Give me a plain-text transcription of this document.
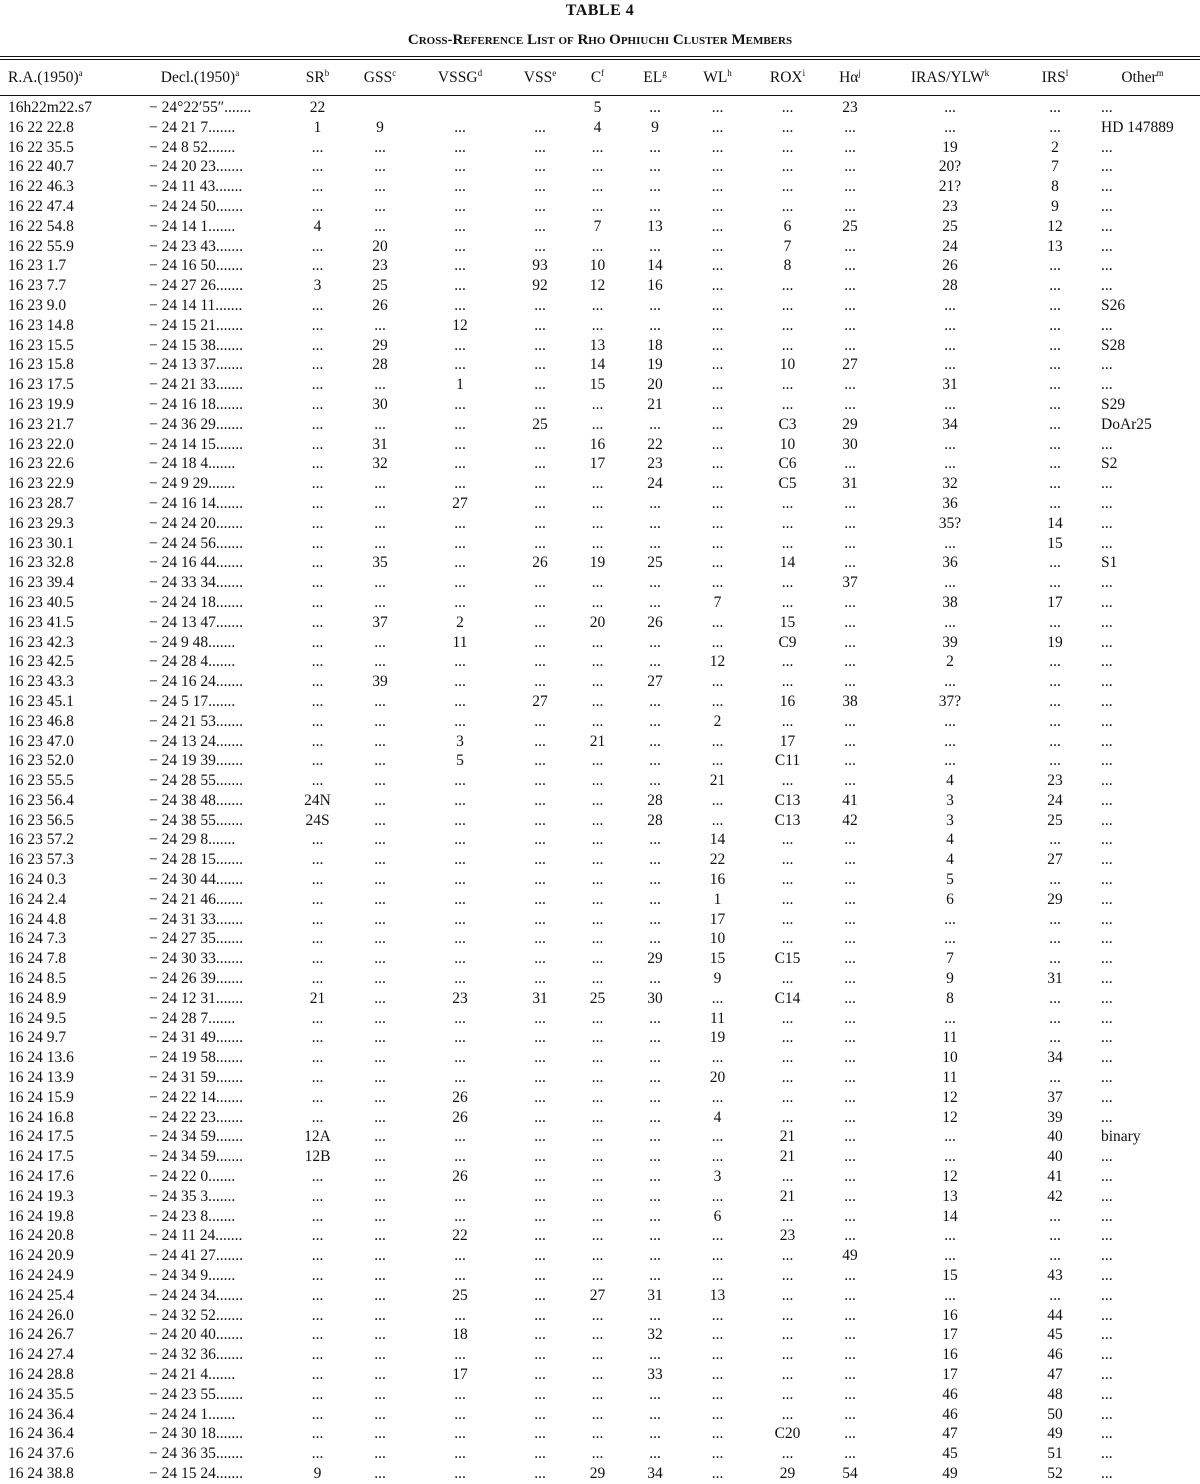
TABLE 4
Cross-Reference List of Rho Ophiuchi Cluster Members
$R.A.(1950)^a$	$Decl.(1950)^a$	$SR^b$	GSS$^c$	VSSG$^d$	VSS$^e$	$C^f$	$EL^g$	$WL^h$	ROX$^i$	$H\alpha^j$	IRAS/YLW$^k$	IRS$^l$	Other$^m$
16h22m22.s7	− 24°22′55″.......	22				5	...	...	...	23	...	...	...
16 22 22.8	− 24 21 7.......	1	9	...	...	4	9	...	...	...	...	...	HD 147889
16 22 35.5	− 24 8 52.......	...	...	...	...	...	...	...	...	...	19	2	...
16 22 40.7	− 24 20 23.......	...	...	...	...	...	...	...	...	...	20?	7	...
16 22 46.3	− 24 11 43.......	...	...	...	...	...	...	...	...	...	21?	8	...
16 22 47.4	− 24 24 50.......	...	...	...	...	...	...	...	...	...	23	9	...
16 22 54.8	− 24 14 1.......	4	...	...	...	7	13	...	6	25	25	12	...
16 22 55.9	− 24 23 43.......	...	20	...	...	...	...	...	7	...	24	13	...
16 23 1.7	− 24 16 50.......	...	23	...	93	10	14	...	8	...	26	...	...
16 23 7.7	− 24 27 26.......	3	25	...	92	12	16	...	...	...	28	...	...
16 23 9.0	− 24 14 11.......	...	26	...	...	...	...	...	...	...	...	...	S26
16 23 14.8	− 24 15 21.......	...	...	12	...	...	...	...	...	...	...	...	...
16 23 15.5	− 24 15 38.......	...	29	...	...	13	18	...	...	...	...	...	S28
16 23 15.8	− 24 13 37.......	...	28	...	...	14	19	...	10	27	...	...	...
16 23 17.5	− 24 21 33.......	...	...	1	...	15	20	...	...	...	31	...	...
16 23 19.9	− 24 16 18.......	...	30	...	...	...	21	...	...	...	...	...	S29
16 23 21.7	− 24 36 29.......	...	...	...	25	...	...	...	C3	29	34	...	DoAr25
16 23 22.0	− 24 14 15.......	...	31	...	...	16	22	...	10	30	...	...	...
16 23 22.6	− 24 18 4.......	...	32	...	...	17	23	...	C6	...	...	...	S2
16 23 22.9	− 24 9 29.......	...	...	...	...	...	24	...	C5	31	32	...	...
16 23 28.7	− 24 16 14.......	...	...	27	...	...	...	...	...	...	36	...	...
16 23 29.3	− 24 24 20.......	...	...	...	...	...	...	...	...	...	35?	14	...
16 23 30.1	− 24 24 56.......	...	...	...	...	...	...	...	...	...	...	15	...
16 23 32.8	− 24 16 44.......	...	35	...	26	19	25	...	14	...	36	...	S1
16 23 39.4	− 24 33 34.......	...	...	...	...	...	...	...	...	37	...	...	...
16 23 40.5	− 24 24 18.......	...	...	...	...	...	...	7	...	...	38	17	...
16 23 41.5	− 24 13 47.......	...	37	2	...	20	26	...	15	...	...	...	...
16 23 42.3	− 24 9 48.......	...	...	11	...	...	...	...	C9	...	39	19	...
16 23 42.5	− 24 28 4.......	...	...	...	...	...	...	12	...	...	2	...	...
16 23 43.3	− 24 16 24.......	...	39	...	...	...	27	...	...	...	...	...	...
16 23 45.1	− 24 5 17.......	...	...	...	27	...	...	...	16	38	37?	...	...
16 23 46.8	− 24 21 53.......	...	...	...	...	...	...	2	...	...	...	...	...
16 23 47.0	− 24 13 24.......	...	...	3	...	21	...	...	17	...	...	...	...
16 23 52.0	− 24 19 39.......	...	...	5	...	...	...	...	C11	...	...	...	...
16 23 55.5	− 24 28 55.......	...	...	...	...	...	...	21	...	...	4	23	...
16 23 56.4	− 24 38 48.......	24N	...	...	...	...	28	...	C13	41	3	24	...
16 23 56.5	− 24 38 55.......	24S	...	...	...	...	28	...	C13	42	3	25	...
16 23 57.2	− 24 29 8.......	...	...	...	...	...	...	14	...	...	4	...	...
16 23 57.3	− 24 28 15.......	...	...	...	...	...	...	22	...	...	4	27	...
16 24 0.3	− 24 30 44.......	...	...	...	...	...	...	16	...	...	5	...	...
16 24 2.4	− 24 21 46.......	...	...	...	...	...	...	1	...	...	6	29	...
16 24 4.8	− 24 31 33.......	...	...	...	...	...	...	17	...	...	...	...	...
16 24 7.3	− 24 27 35.......	...	...	...	...	...	...	10	...	...	...	...	...
16 24 7.8	− 24 30 33.......	...	...	...	...	...	29	15	C15	...	7	...	...
16 24 8.5	− 24 26 39.......	...	...	...	...	...	...	9	...	...	9	31	...
16 24 8.9	− 24 12 31.......	21	...	23	31	25	30	...	C14	...	8	...	...
16 24 9.5	− 24 28 7.......	...	...	...	...	...	...	11	...	...	...	...	...
16 24 9.7	− 24 31 49.......	...	...	...	...	...	...	19	...	...	11	...	...
16 24 13.6	− 24 19 58.......	...	...	...	...	...	...	...	...	...	10	34	...
16 24 13.9	− 24 31 59.......	...	...	...	...	...	...	20	...	...	11	...	...
16 24 15.9	− 24 22 14.......	...	...	26	...	...	...	...	...	...	12	37	...
16 24 16.8	− 24 22 23.......	...	...	26	...	...	...	4	...	...	12	39	...
16 24 17.5	− 24 34 59.......	12A	...	...	...	...	...	...	21	...	...	40	binary
16 24 17.5	− 24 34 59.......	12B	...	...	...	...	...	...	21	...	...	40	...
16 24 17.6	− 24 22 0.......	...	...	26	...	...	...	3	...	...	12	41	...
16 24 19.3	− 24 35 3.......	...	...	...	...	...	...	...	21	...	13	42	...
16 24 19.8	− 24 23 8.......	...	...	...	...	...	...	6	...	...	14	...	...
16 24 20.8	− 24 11 24.......	...	...	22	...	...	...	...	23	...	...	...	...
16 24 20.9	− 24 41 27.......	...	...	...	...	...	...	...	...	49	...	...	...
16 24 24.9	− 24 34 9.......	...	...	...	...	...	...	...	...	...	15	43	...
16 24 25.4	− 24 24 34.......	...	...	25	...	27	31	13	...	...	...	...	...
16 24 26.0	− 24 32 52.......	...	...	...	...	...	...	...	...	...	16	44	...
16 24 26.7	− 24 20 40.......	...	...	18	...	...	32	...	...	...	17	45	...
16 24 27.4	− 24 32 36.......	...	...	...	...	...	...	...	...	...	16	46	...
16 24 28.8	− 24 21 4.......	...	...	17	...	...	33	...	...	...	17	47	...
16 24 35.5	− 24 23 55.......	...	...	...	...	...	...	...	...	...	46	48	...
16 24 36.4	− 24 24 1.......	...	...	...	...	...	...	...	...	...	46	50	...
16 24 36.4	− 24 30 18.......	...	...	...	...	...	...	...	C20	...	47	49	...
16 24 37.6	− 24 36 35.......	...	...	...	...	...	...	...	...	...	45	51	...
16 24 38.8	− 24 15 24.......	9	...	...	...	29	34	...	29	54	49	52	...
